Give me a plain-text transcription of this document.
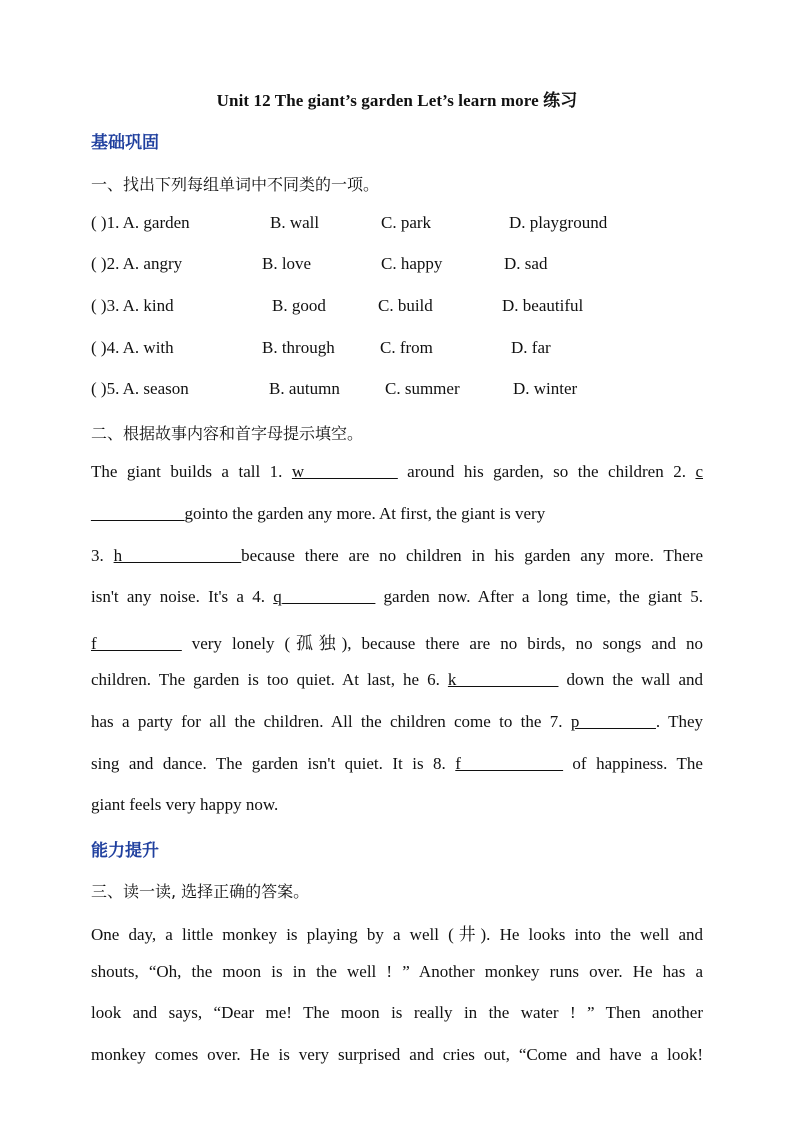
Unit 12 The giant’s garden Let’s learn more 练习
基础巩固
一、找出下列每组单词中不同类的一项。
( )1. A. garden	B. wall	C. park	D. playground
( )2. A. angry	B. love	C. happy	D. sad
( )3. A. kind	B. good	C. build	D. beautiful
( )4. A. with	B. through	C. from	D. far
( )5. A. season	B. autumn	C. summer	D. winter
二、根据故事内容和首字母提示填空。
The giant builds a tall 1. w___________ around his garden, so the children 2. c
___________gointo the garden any more. At first, the giant is very
3. h______________because there are no children in his garden any more. There
isn't any noise. It's a 4. q___________ garden now. After a long time, the giant 5.
f__________ very lonely (孤独), because there are no birds, no songs and no
children. The garden is too quiet. At last, he 6. k____________ down the wall and
has a party for all the children. All the children come to the 7. p_________. They
sing and dance. The garden isn't quiet. It is 8. f____________ of happiness. The
giant feels very happy now.
能力提升
三、读一读, 选择正确的答案。
One day, a little monkey is playing by a well (井). He looks into the well and
shouts, “Oh, the moon is in the well ! ” Another monkey runs over. He has a
look and says, “Dear me! The moon is really in the water ! ” Then another
monkey comes over. He is very surprised and cries out, “Come and have a look!
